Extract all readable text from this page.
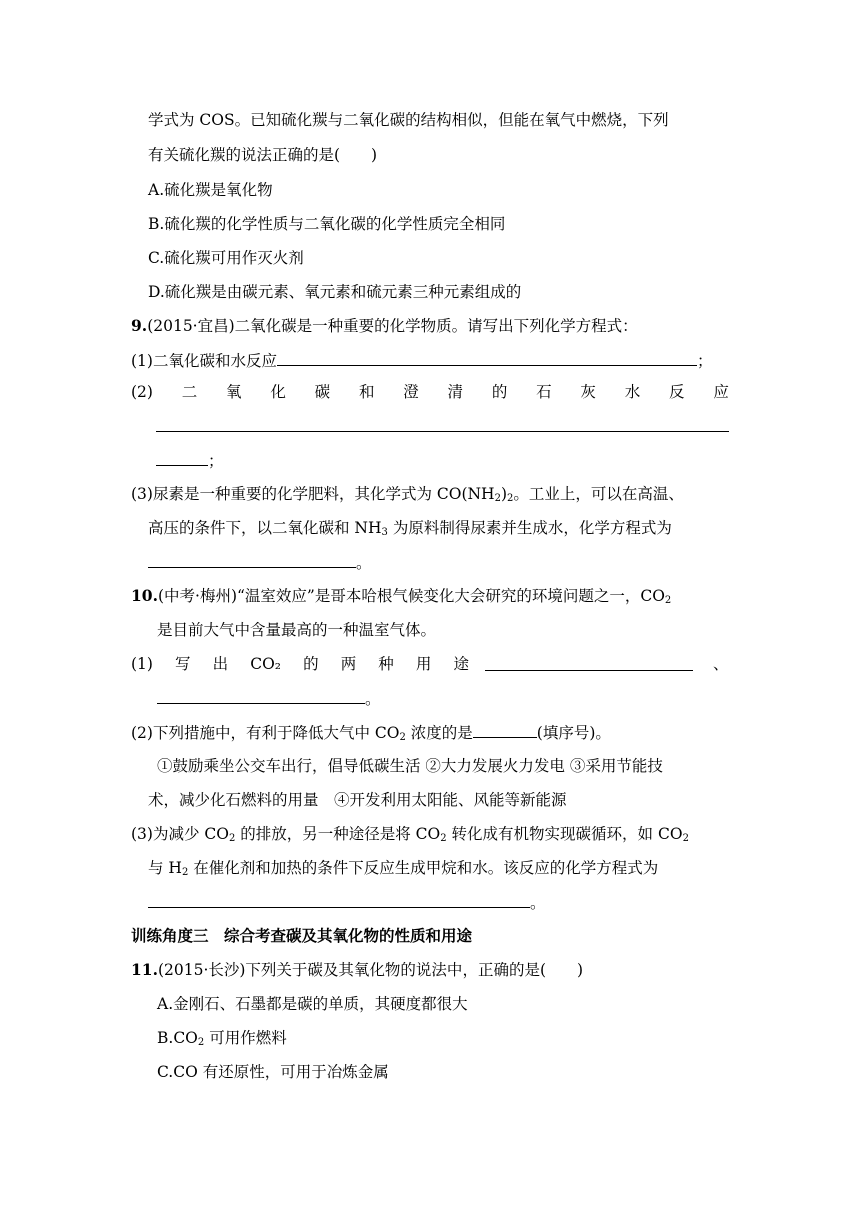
学式为 COS。已知硫化羰与二氧化碳的结构相似，但能在氧气中燃烧，下列
有关硫化羰的说法正确的是(　　)
A.硫化羰是氧化物
B.硫化羰的化学性质与二氧化碳的化学性质完全相同
C.硫化羰可用作灭火剂
D.硫化羰是由碳元素、氧元素和硫元素三种元素组成的
9.(2015·宜昌)二氧化碳是一种重要的化学物质。请写出下列化学方程式：
(1)二氧化碳和水反应	；
(2) 二 氧 化 碳 和 澄 清 的 石 灰 水 反 应
；
(3)尿素是一种重要的化学肥料，其化学式为 $CO(NH_2)_2$。工业上，可以在高温、
高压的条件下，以二氧化碳和 $NH_3$ 为原料制得尿素并生成水，化学方程式为
。
10.(中考·梅州)“温室效应”是哥本哈根气候变化大会研究的环境问题之一，$CO_2$
是目前大气中含量最高的一种温室气体。
(1) 写 出 CO₂ 的 两 种 用 途	、
。
(2)下列措施中，有利于降低大气中 $CO_2$ 浓度的是	(填序号)。
①鼓励乘坐公交车出行，倡导低碳生活 ②大力发展火力发电 ③采用节能技
术，减少化石燃料的用量　④开发利用太阳能、风能等新能源
(3)为减少 $CO_2$ 的排放，另一种途径是将 $CO_2$ 转化成有机物实现碳循环，如 $CO_2$
与 $H_2$ 在催化剂和加热的条件下反应生成甲烷和水。该反应的化学方程式为
。
训练角度三　综合考查碳及其氧化物的性质和用途
11.(2015·长沙)下列关于碳及其氧化物的说法中，正确的是(　　)
A.金刚石、石墨都是碳的单质，其硬度都很大
$B.CO_2$ 可用作燃料
C.CO 有还原性，可用于冶炼金属
